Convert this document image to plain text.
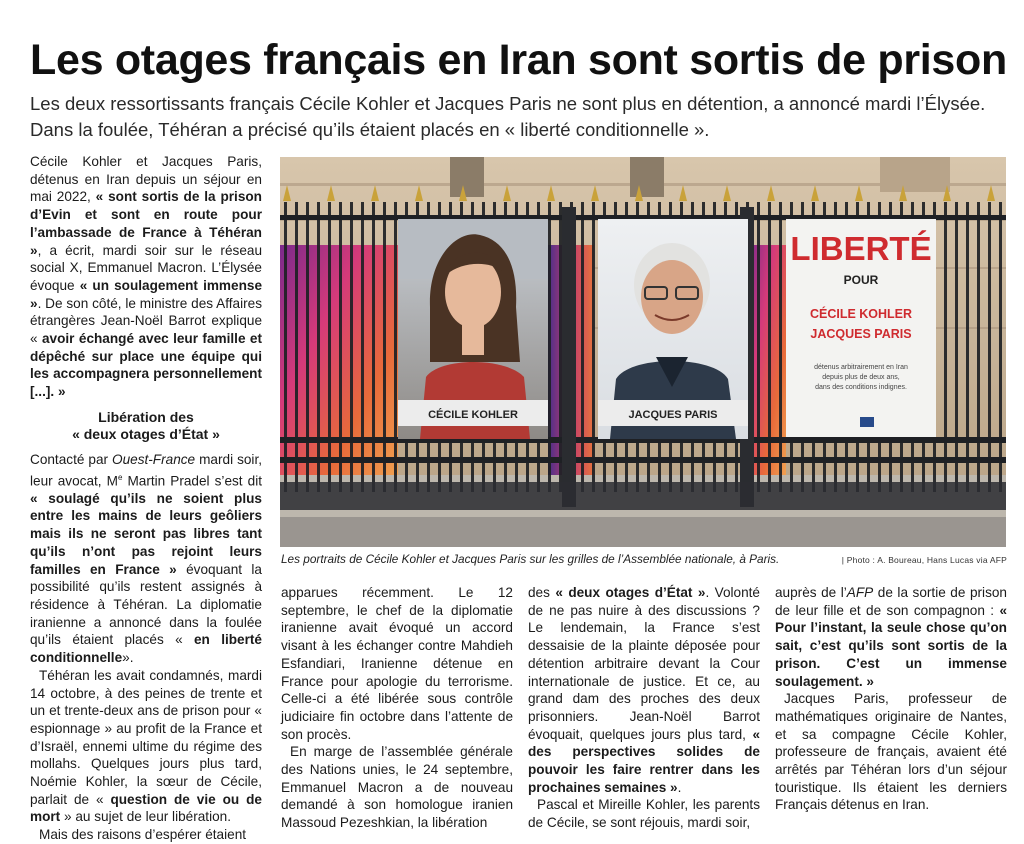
Les otages français en Iran sont sortis de prison
Les deux ressortissants français Cécile Kohler et Jacques Paris ne sont plus en détention, a annoncé mardi l’Élysée. Dans la foulée, Téhéran a précisé qu’ils étaient placés en « liberté conditionnelle ».

Cécile Kohler et Jacques Paris, détenus en Iran depuis un séjour en mai 2022, « sont sortis de la prison d’Evin et sont en route pour l’ambassade de France à Téhéran », a écrit, mardi soir sur le réseau social X, Emmanuel Macron. L’Élysée évoque « un soulagement immense ». De son côté, le ministre des Affaires étrangères Jean-Noël Barrot explique « avoir échangé avec leur famille et dépêché sur place une équipe qui les accompagnera personnellement [...]. »

Libération des
« deux otages d’État »

Contacté par Ouest-France mardi soir, leur avocat, Me Martin Pradel s’est dit « soulagé qu’ils ne soient plus entre les mains de leurs geôliers mais ils ne seront pas libres tant qu’ils n’ont pas rejoint leurs familles en France » évoquant la possibilité qu’ils restent assignés à résidence à Téhéran. La diplomatie iranienne a annoncé dans la foulée qu’ils étaient placés « en liberté conditionnelle».

Téhéran les avait condamnés, mardi 14 octobre, à des peines de trente et un et trente-deux ans de prison pour « espionnage » au profit de la France et d’Israël, ennemi ultime du régime des mollahs. Quelques jours plus tard, Noémie Kohler, la sœur de Cécile, parlait de « question de vie ou de mort » au sujet de leur libération.

Mais des raisons d’espérer étaient

CÉCILE KOHLER	JACQUES PARIS
LIBERTÉ
POUR
CÉCILE KOHLER
JACQUES PARIS
détenus arbitrairement en Iran
depuis plus de deux ans,
dans des conditions indignes.
Les portraits de Cécile Kohler et Jacques Paris sur les grilles de l’Assemblée nationale, à Paris.	| Photo : A. Boureau, Hans Lucas via AFP

apparues récemment. Le 12 septembre, le chef de la diplomatie iranienne avait évoqué un accord visant à les échanger contre Mahdieh Esfandiari, Iranienne détenue en France pour apologie du terrorisme. Celle-ci a été libérée sous contrôle judiciaire fin octobre dans l’attente de son procès.

En marge de l’assemblée générale des Nations unies, le 24 septembre, Emmanuel Macron a de nouveau demandé à son homologue iranien Massoud Pezeshkian, la libération

des « deux otages d’État ». Volonté de ne pas nuire à des discussions ? Le lendemain, la France s’est dessaisie de la plainte déposée pour détention arbitraire devant la Cour internationale de justice. Et ce, au grand dam des proches des deux prisonniers. Jean-Noël Barrot évoquait, quelques jours plus tard, « des perspectives solides de pouvoir les faire rentrer dans les prochaines semaines ».

Pascal et Mireille Kohler, les parents de Cécile, se sont réjouis, mardi soir,

auprès de l’AFP de la sortie de prison de leur fille et de son compagnon : « Pour l’instant, la seule chose qu’on sait, c’est qu’ils sont sortis de la prison. C’est un immense soulagement. »

Jacques Paris, professeur de mathématiques originaire de Nantes, et sa compagne Cécile Kohler, professeure de français, avaient été arrêtés par Téhéran lors d’un séjour touristique. Ils étaient les derniers Français détenus en Iran.
